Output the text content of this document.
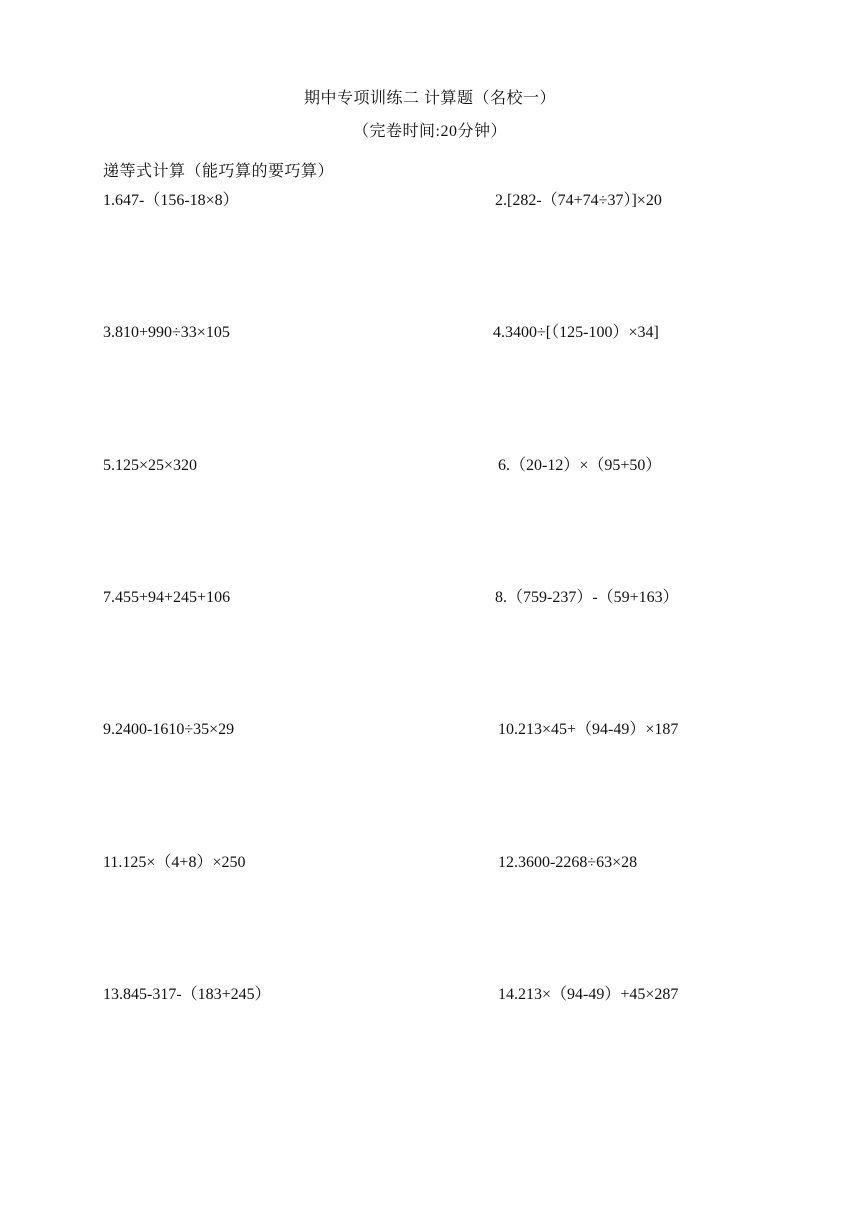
期中专项训练二 计算题（名校一）
（完卷时间:20分钟）
递等式计算（能巧算的要巧算）
1.647-（156-18×8）	2.[282-（74+74÷37）]×20
3.810+990÷33×105	4.3400÷[（125-100）×34]
5.125×25×320	6.（20-12）×（95+50）
7.455+94+245+106	8.（759-237）-（59+163）
9.2400-1610÷35×29	10.213×45+（94-49）×187
11.125×（4+8）×250	12.3600-2268÷63×28
13.845-317-（183+245）	14.213×（94-49）+45×287
